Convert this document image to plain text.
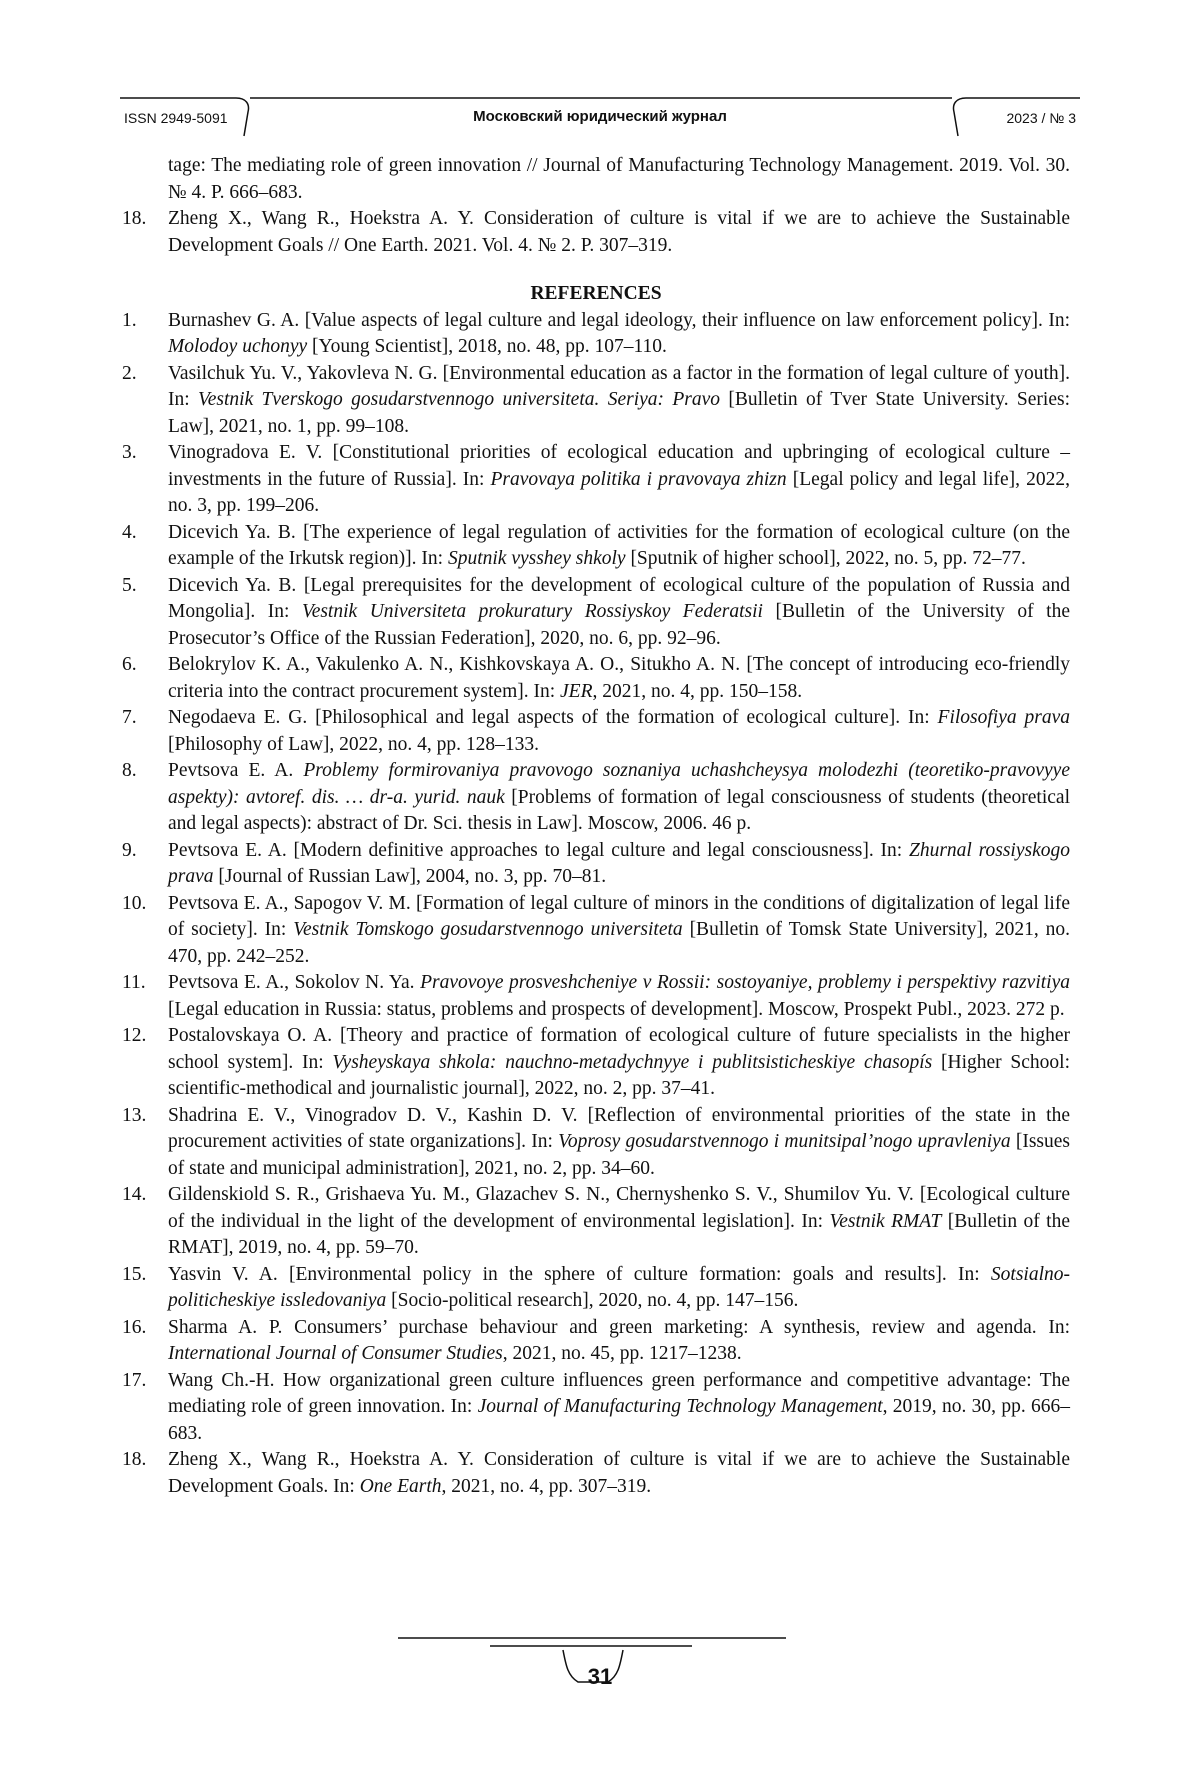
ISSN 2949-5091	Московский юридический журнал	2023 / № 3
tage: The mediating role of green innovation // Journal of Manufacturing Technology Management. 2019. Vol. 30. № 4. P. 666–683.
18. Zheng X., Wang R., Hoekstra A. Y. Consideration of culture is vital if we are to achieve the Sustainable Development Goals // One Earth. 2021. Vol. 4. № 2. P. 307–319.
REFERENCES
1. Burnashev G. A. [Value aspects of legal culture and legal ideology, their influence on law enforcement policy]. In: Molodoy uchonyy [Young Scientist], 2018, no. 48, pp. 107–110.
2. Vasilchuk Yu. V., Yakovleva N. G. [Environmental education as a factor in the formation of legal culture of youth]. In: Vestnik Tverskogo gosudarstvennogo universiteta. Seriya: Pravo [Bulletin of Tver State University. Series: Law], 2021, no. 1, pp. 99–108.
3. Vinogradova E. V. [Constitutional priorities of ecological education and upbringing of ecological culture – investments in the future of Russia]. In: Pravovaya politika i pravovaya zhizn [Legal policy and legal life], 2022, no. 3, pp. 199–206.
4. Dicevich Ya. B. [The experience of legal regulation of activities for the formation of ecological culture (on the example of the Irkutsk region)]. In: Sputnik vysshey shkoly [Sputnik of higher school], 2022, no. 5, pp. 72–77.
5. Dicevich Ya. B. [Legal prerequisites for the development of ecological culture of the population of Russia and Mongolia]. In: Vestnik Universiteta prokuratury Rossiyskoy Federatsii [Bulletin of the University of the Prosecutor’s Office of the Russian Federation], 2020, no. 6, pp. 92–96.
6. Belokrylov K. A., Vakulenko A. N., Kishkovskaya A. O., Situkho A. N. [The concept of introducing eco-friendly criteria into the contract procurement system]. In: JER, 2021, no. 4, pp. 150–158.
7. Negodaeva E. G. [Philosophical and legal aspects of the formation of ecological culture]. In: Filosofiya prava [Philosophy of Law], 2022, no. 4, pp. 128–133.
8. Pevtsova E. A. Problemy formirovaniya pravovogo soznaniya uchashcheysya molodezhi (teoretiko-pravovyye aspekty): avtoref. dis. … dr-a. yurid. nauk [Problems of formation of legal consciousness of students (theoretical and legal aspects): abstract of Dr. Sci. thesis in Law]. Moscow, 2006. 46 p.
9. Pevtsova E. A. [Modern definitive approaches to legal culture and legal consciousness]. In: Zhurnal rossiyskogo prava [Journal of Russian Law], 2004, no. 3, pp. 70–81.
10. Pevtsova E. A., Sapogov V. M. [Formation of legal culture of minors in the conditions of digitalization of legal life of society]. In: Vestnik Tomskogo gosudarstvennogo universiteta [Bulletin of Tomsk State University], 2021, no. 470, pp. 242–252.
11. Pevtsova E. A., Sokolov N. Ya. Pravovoye prosveshcheniye v Rossii: sostoyaniye, problemy i perspektivy razvitiya [Legal education in Russia: status, problems and prospects of development]. Moscow, Prospekt Publ., 2023. 272 p.
12. Postalovskaya O. A. [Theory and practice of formation of ecological culture of future specialists in the higher school system]. In: Vysheyskaya shkola: nauchno-metadychnyye i publitsisticheskiye chasopís [Higher School: scientific-methodical and journalistic journal], 2022, no. 2, pp. 37–41.
13. Shadrina E. V., Vinogradov D. V., Kashin D. V. [Reflection of environmental priorities of the state in the procurement activities of state organizations]. In: Voprosy gosudarstvennogo i munitsipal’nogo upravleniya [Issues of state and municipal administration], 2021, no. 2, pp. 34–60.
14. Gildenskiold S. R., Grishaeva Yu. M., Glazachev S. N., Chernyshenko S. V., Shumilov Yu. V. [Ecological culture of the individual in the light of the development of environmental legislation]. In: Vestnik RMAT [Bulletin of the RMAT], 2019, no. 4, pp. 59–70.
15. Yasvin V. A. [Environmental policy in the sphere of culture formation: goals and results]. In: Sotsialno-politicheskiye issledovaniya [Socio-political research], 2020, no. 4, pp. 147–156.
16. Sharma A. P. Consumers’ purchase behaviour and green marketing: A synthesis, review and agenda. In: International Journal of Consumer Studies, 2021, no. 45, pp. 1217–1238.
17. Wang Ch.-H. How organizational green culture influences green performance and competitive advantage: The mediating role of green innovation. In: Journal of Manufacturing Technology Management, 2019, no. 30, pp. 666–683.
18. Zheng X., Wang R., Hoekstra A. Y. Consideration of culture is vital if we are to achieve the Sustainable Development Goals. In: One Earth, 2021, no. 4, pp. 307–319.
31
